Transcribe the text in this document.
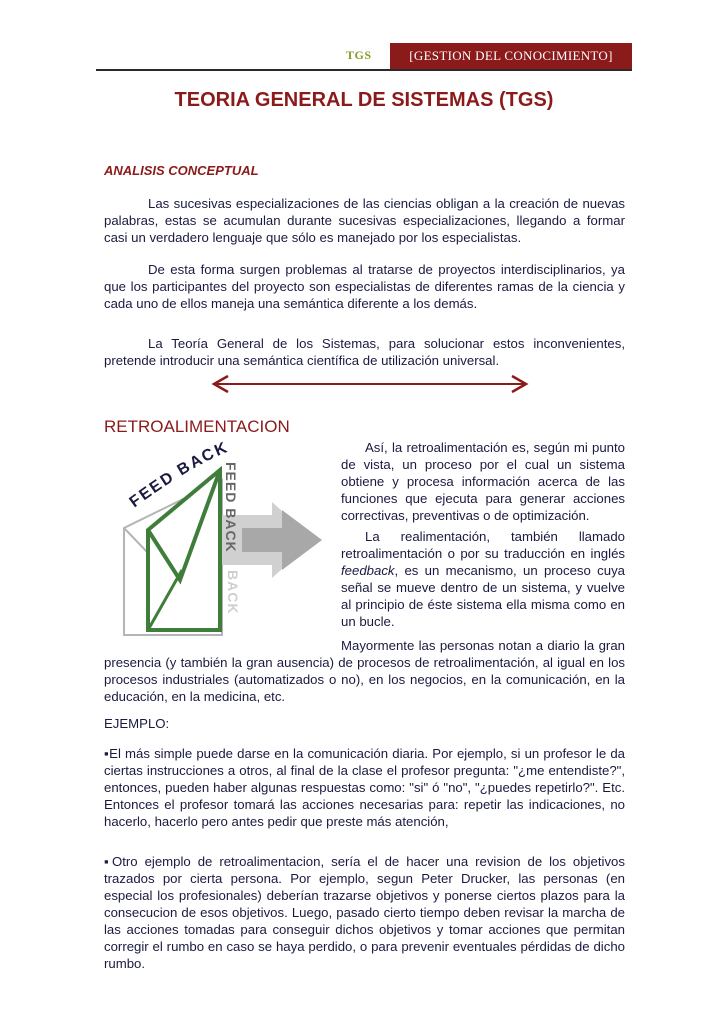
TGS	[GESTION DEL CONOCIMIENTO]
TEORIA GENERAL DE SISTEMAS (TGS)
ANALISIS CONCEPTUAL
Las sucesivas especializaciones de las ciencias obligan a la creación de nuevas palabras, estas se acumulan durante sucesivas especializaciones, llegando a formar casi un verdadero lenguaje que sólo es manejado por los especialistas.
De esta forma surgen problemas al tratarse de proyectos interdisciplinarios, ya que los participantes del proyecto son especialistas de diferentes ramas de la ciencia y cada uno de ellos maneja una semántica diferente a los demás.
La Teoría General de los Sistemas, para solucionar estos inconvenientes, pretende introducir una semántica científica de utilización universal.
RETROALIMENTACION
FEED BACK
FEED BACK
BACK
Así, la retroalimentación es, según mi punto de vista, un proceso por el cual un sistema obtiene y procesa información acerca de las funciones que ejecuta para generar acciones correctivas, preventivas o de optimización.
La realimentación, también llamado retroalimentación o por su traducción en inglés feedback, es un mecanismo, un proceso cuya señal se mueve dentro de un sistema, y vuelve al principio de éste sistema ella misma como en un bucle.
Mayormente las personas notan a diario la gran presencia (y también la gran ausencia) de procesos de retroalimentación, al igual en los procesos industriales (automatizados o no), en los negocios, en la comunicación, en la educación, en la medicina, etc.
EJEMPLO:
▪El más simple puede darse en la comunicación diaria. Por ejemplo, si un profesor le da ciertas instrucciones a otros, al final de la clase el profesor pregunta: "¿me entendiste?", entonces, pueden haber algunas respuestas como: "si" ó "no", "¿puedes repetirlo?". Etc. Entonces el profesor tomará las acciones necesarias para: repetir las indicaciones, no hacerlo, hacerlo pero antes pedir que preste más atención,
▪Otro ejemplo de retroalimentacion, sería el de hacer una revision de los objetivos trazados por cierta persona. Por ejemplo, segun Peter Drucker, las personas (en especial los profesionales) deberían trazarse objetivos y ponerse ciertos plazos para la consecucion de esos objetivos. Luego, pasado cierto tiempo deben revisar la marcha de las acciones tomadas para conseguir dichos objetivos y tomar acciones que permitan corregir el rumbo en caso se haya perdido, o para prevenir eventuales pérdidas de dicho rumbo.
